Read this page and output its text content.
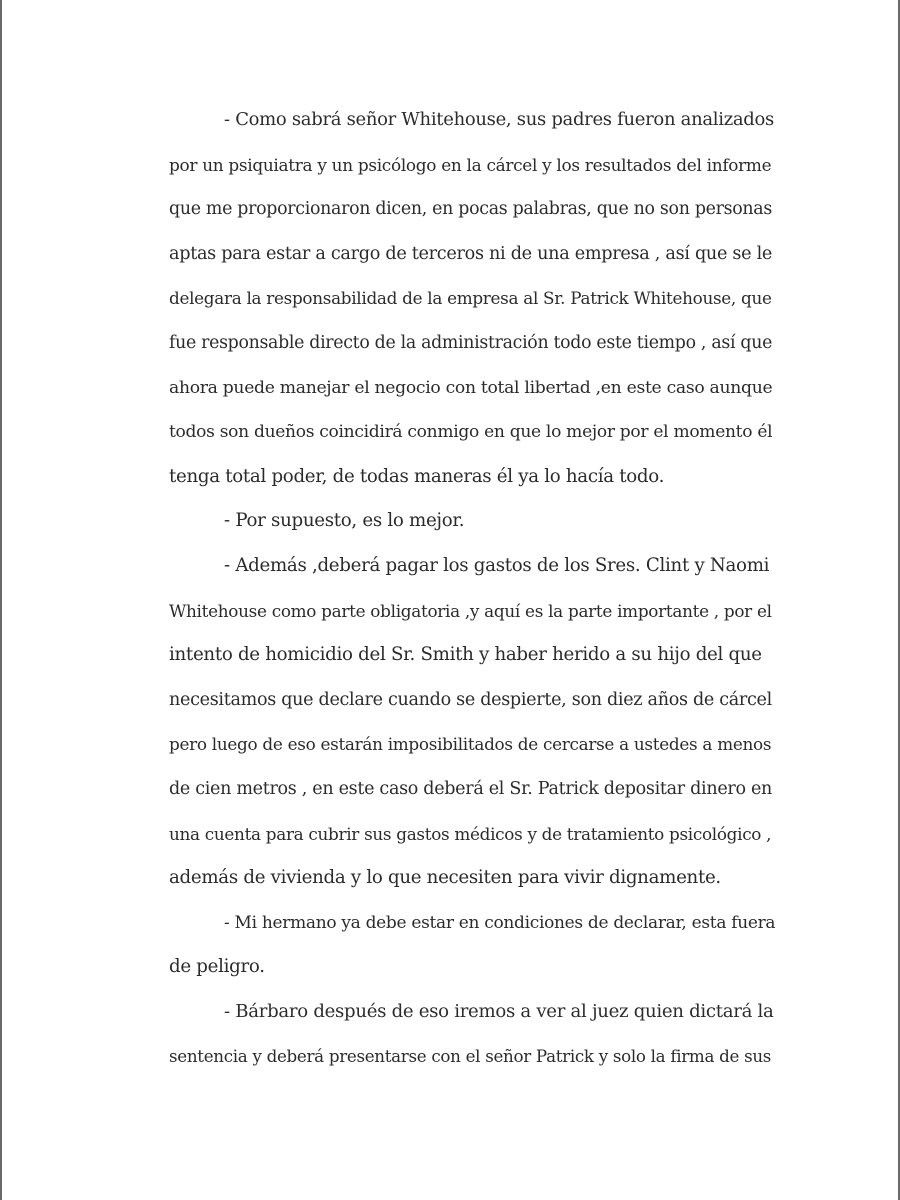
- Como sabrá señor Whitehouse, sus padres fueron analizados
por un psiquiatra y un psicólogo en la cárcel y los resultados del informe
que me proporcionaron dicen, en pocas palabras, que no son personas
aptas para estar a cargo de terceros ni de una empresa , así que se le
delegara la responsabilidad de la empresa al Sr. Patrick Whitehouse, que
fue responsable directo de la administración todo este tiempo , así que
ahora puede manejar el negocio con total libertad ,en este caso aunque
todos son dueños coincidirá conmigo en que lo mejor por el momento él
tenga total poder, de todas maneras él ya lo hacía todo.
- Por supuesto, es lo mejor.
- Además ,deberá pagar los gastos de los Sres. Clint y Naomi
Whitehouse como parte obligatoria ,y aquí es la parte importante , por el
intento de homicidio del Sr. Smith y haber herido a su hijo del que
necesitamos que declare cuando se despierte, son diez años de cárcel
pero luego de eso estarán imposibilitados de cercarse a ustedes a menos
de cien metros , en este caso deberá el Sr. Patrick depositar dinero en
una cuenta para cubrir sus gastos médicos y de tratamiento psicológico ,
además de vivienda y lo que necesiten para vivir dignamente.
- Mi hermano ya debe estar en condiciones de declarar, esta fuera
de peligro.
- Bárbaro después de eso iremos a ver al juez quien dictará la
sentencia y deberá presentarse con el señor Patrick y solo la firma de sus
